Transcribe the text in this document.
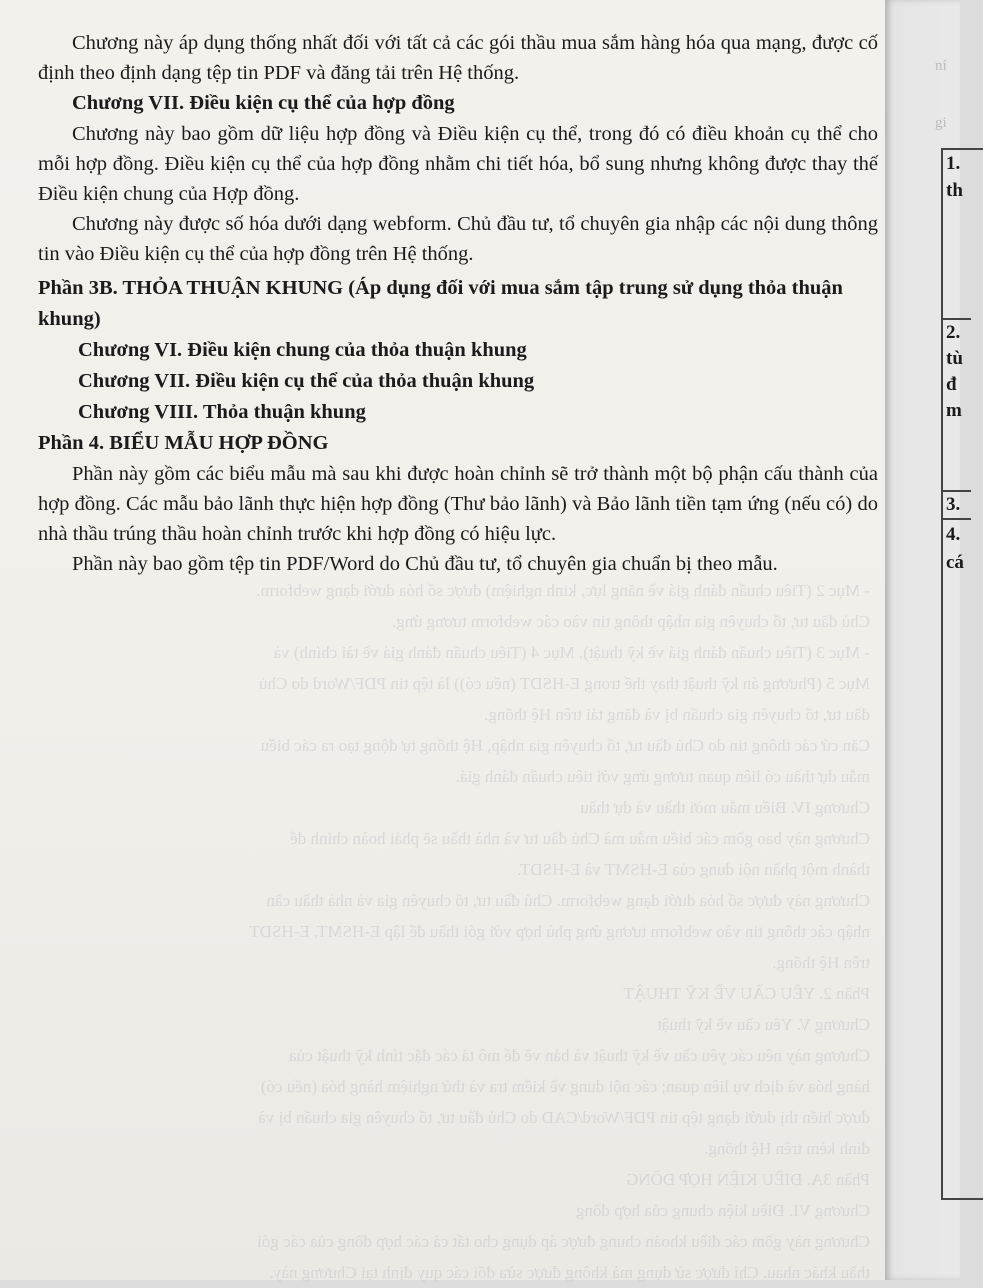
- Mục 2 (Tiêu chuẩn đánh giá về năng lực, kinh nghiệm) được số hóa dưới dạng webform.
Chủ đầu tư, tổ chuyên gia nhập thông tin vào các webform tương ứng.
- Mục 3 (Tiêu chuẩn đánh giá về kỹ thuật), Mục 4 (Tiêu chuẩn đánh giá về tài chính) và
Mục 5 (Phương án kỹ thuật thay thế trong E-HSDT (nếu có)) là tệp tin PDF/Word do Chủ
đầu tư, tổ chuyên gia chuẩn bị và đăng tải trên Hệ thống.
Căn cứ các thông tin do Chủ đầu tư, tổ chuyên gia nhập, Hệ thống tự động tạo ra các biểu
mẫu dự thầu có liên quan tương ứng với tiêu chuẩn đánh giá.
Chương IV. Biểu mẫu mời thầu và dự thầu
Chương này bao gồm các biểu mẫu mà Chủ đầu tư và nhà thầu sẽ phải hoàn chỉnh để
thành một phần nội dung của E-HSMT và E-HSDT.
Chương này được số hóa dưới dạng webform. Chủ đầu tư, tổ chuyên gia và nhà thầu cần
nhập các thông tin vào webform tương ứng phù hợp với gói thầu để lập E-HSMT, E-HSDT
trên Hệ thống.
Phần 2. YÊU CẦU VỀ KỸ THUẬT
Chương V. Yêu cầu về kỹ thuật
Chương này nêu các yêu cầu về kỹ thuật và bản vẽ để mô tả các đặc tính kỹ thuật của
hàng hóa và dịch vụ liên quan; các nội dung về kiểm tra và thử nghiệm hàng hóa (nếu có)
được hiển thị dưới dạng tệp tin PDF/Word/CAD do Chủ đầu tư, tổ chuyên gia chuẩn bị và
đính kèm trên Hệ thống.
Phần 3A. ĐIỀU KIỆN HỢP ĐỒNG
Chương VI. Điều kiện chung của hợp đồng
Chương này gồm các điều khoản chung được áp dụng cho tất cả các hợp đồng của các gói
thầu khác nhau. Chỉ được sử dụng mà không được sửa đổi các quy định tại Chương này.

Chương này áp dụng thống nhất đối với tất cả các gói thầu mua sắm hàng hóa qua mạng, được cố định theo định dạng tệp tin PDF và đăng tải trên Hệ thống.

Chương VII. Điều kiện cụ thể của hợp đồng

Chương này bao gồm dữ liệu hợp đồng và Điều kiện cụ thể, trong đó có điều khoản cụ thể cho mỗi hợp đồng. Điều kiện cụ thể của hợp đồng nhằm chi tiết hóa, bổ sung nhưng không được thay thế Điều kiện chung của Hợp đồng.

Chương này được số hóa dưới dạng webform. Chủ đầu tư, tổ chuyên gia nhập các nội dung thông tin vào Điều kiện cụ thể của hợp đồng trên Hệ thống.

Phần 3B. THỎA THUẬN KHUNG (Áp dụng đối với mua sắm tập trung sử dụng thỏa thuận khung)

Chương VI. Điều kiện chung của thỏa thuận khung

Chương VII. Điều kiện cụ thể của thỏa thuận khung

Chương VIII. Thỏa thuận khung

Phần 4. BIỂU MẪU HỢP ĐỒNG

Phần này gồm các biểu mẫu mà sau khi được hoàn chỉnh sẽ trở thành một bộ phận cấu thành của hợp đồng. Các mẫu bảo lãnh thực hiện hợp đồng (Thư bảo lãnh) và Bảo lãnh tiền tạm ứng (nếu có) do nhà thầu trúng thầu hoàn chỉnh trước khi hợp đồng có hiệu lực.

Phần này bao gồm tệp tin PDF/Word do Chủ đầu tư, tổ chuyên gia chuẩn bị theo mẫu.

ní
gi
1.
th
2.
tù
đ
m
3.
4.
cá
